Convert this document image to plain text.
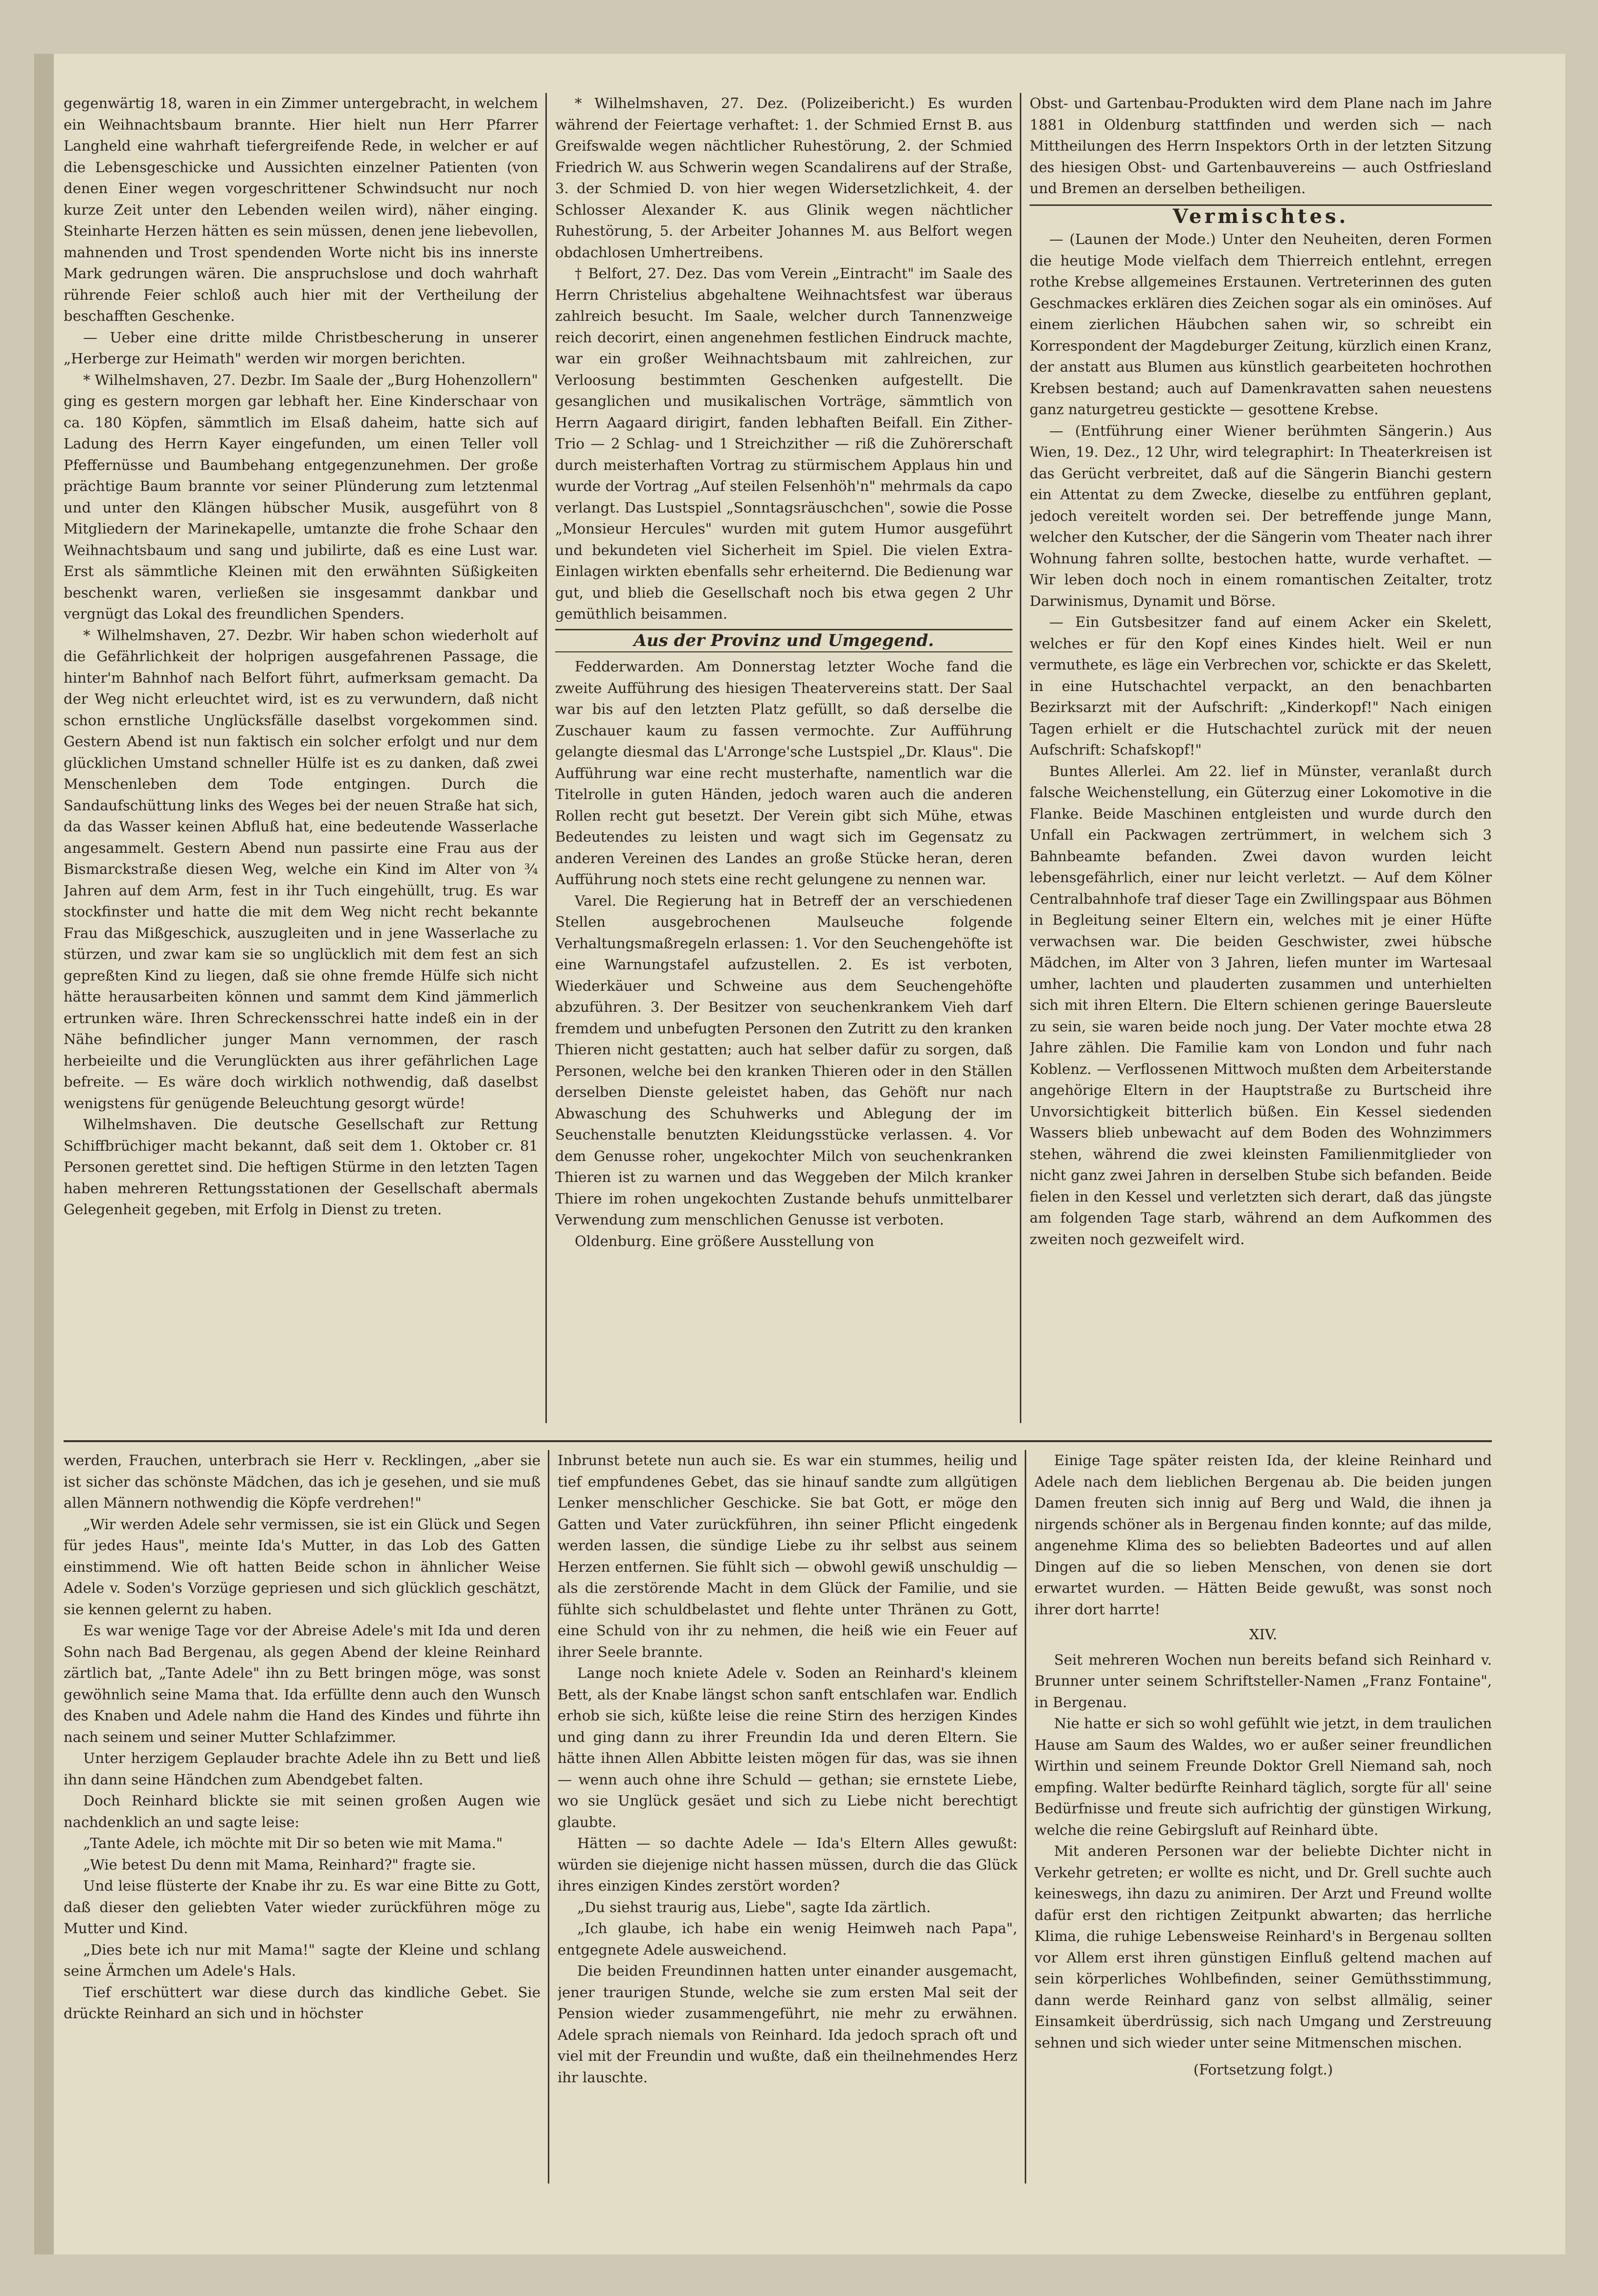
gegenwärtig 18, waren in ein Zimmer untergebracht, in welchem ein Weihnachtsbaum brannte. Hier hielt nun Herr Pfarrer Langheld eine wahrhaft tiefergreifende Rede, in welcher er auf die Lebensgeschicke und Aussichten einzelner Patienten (von denen Einer wegen vorgeschrittener Schwindsucht nur noch kurze Zeit unter den Lebenden weilen wird), näher einging. Steinharte Herzen hätten es sein müssen, denen jene liebevollen, mahnenden und Trost spendenden Worte nicht bis ins innerste Mark gedrungen wären. Die anspruchslose und doch wahrhaft rührende Feier schloß auch hier mit der Vertheilung der beschafften Geschenke.

— Ueber eine dritte milde Christbescherung in unserer „Herberge zur Heimath" werden wir morgen berichten.

* Wilhelmshaven, 27. Dezbr. Im Saale der „Burg Hohenzollern" ging es gestern morgen gar lebhaft her. Eine Kinderschaar von ca. 180 Köpfen, sämmtlich im Elsaß daheim, hatte sich auf Ladung des Herrn Kayer eingefunden, um einen Teller voll Pfeffernüsse und Baumbehang entgegenzunehmen. Der große prächtige Baum brannte vor seiner Plünderung zum letztenmal und unter den Klängen hübscher Musik, ausgeführt von 8 Mitgliedern der Marinekapelle, umtanzte die frohe Schaar den Weihnachtsbaum und sang und jubilirte, daß es eine Lust war. Erst als sämmtliche Kleinen mit den erwähnten Süßigkeiten beschenkt waren, verließen sie insgesammt dankbar und vergnügt das Lokal des freundlichen Spenders.

* Wilhelmshaven, 27. Dezbr. Wir haben schon wiederholt auf die Gefährlichkeit der holprigen ausgefahrenen Passage, die hinter'm Bahnhof nach Belfort führt, aufmerksam gemacht. Da der Weg nicht erleuchtet wird, ist es zu verwundern, daß nicht schon ernstliche Unglücksfälle daselbst vorgekommen sind. Gestern Abend ist nun faktisch ein solcher erfolgt und nur dem glücklichen Umstand schneller Hülfe ist es zu danken, daß zwei Menschenleben dem Tode entgingen. Durch die Sandaufschüttung links des Weges bei der neuen Straße hat sich, da das Wasser keinen Abfluß hat, eine bedeutende Wasserlache angesammelt. Gestern Abend nun passirte eine Frau aus der Bismarckstraße diesen Weg, welche ein Kind im Alter von ¾ Jahren auf dem Arm, fest in ihr Tuch eingehüllt, trug. Es war stockfinster und hatte die mit dem Weg nicht recht bekannte Frau das Mißgeschick, auszugleiten und in jene Wasserlache zu stürzen, und zwar kam sie so unglücklich mit dem fest an sich gepreßten Kind zu liegen, daß sie ohne fremde Hülfe sich nicht hätte herausarbeiten können und sammt dem Kind jämmerlich ertrunken wäre. Ihren Schreckensschrei hatte indeß ein in der Nähe befindlicher junger Mann vernommen, der rasch herbeieilte und die Verunglückten aus ihrer gefährlichen Lage befreite. — Es wäre doch wirklich nothwendig, daß daselbst wenigstens für genügende Beleuchtung gesorgt würde!

Wilhelmshaven. Die deutsche Gesellschaft zur Rettung Schiffbrüchiger macht bekannt, daß seit dem 1. Oktober cr. 81 Personen gerettet sind. Die heftigen Stürme in den letzten Tagen haben mehreren Rettungsstationen der Gesellschaft abermals Gelegenheit gegeben, mit Erfolg in Dienst zu treten.

* Wilhelmshaven, 27. Dez. (Polizeibericht.) Es wurden während der Feiertage verhaftet: 1. der Schmied Ernst B. aus Greifswalde wegen nächtlicher Ruhestörung, 2. der Schmied Friedrich W. aus Schwerin wegen Scandalirens auf der Straße, 3. der Schmied D. von hier wegen Widersetzlichkeit, 4. der Schlosser Alexander K. aus Glinik wegen nächtlicher Ruhestörung, 5. der Arbeiter Johannes M. aus Belfort wegen obdachlosen Umhertreibens.

† Belfort, 27. Dez. Das vom Verein „Eintracht" im Saale des Herrn Christelius abgehaltene Weihnachtsfest war überaus zahlreich besucht. Im Saale, welcher durch Tannenzweige reich decorirt, einen angenehmen festlichen Eindruck machte, war ein großer Weihnachtsbaum mit zahlreichen, zur Verloosung bestimmten Geschenken aufgestellt. Die gesanglichen und musikalischen Vorträge, sämmtlich von Herrn Aagaard dirigirt, fanden lebhaften Beifall. Ein Zither-Trio — 2 Schlag- und 1 Streichzither — riß die Zuhörerschaft durch meisterhaften Vortrag zu stürmischem Applaus hin und wurde der Vortrag „Auf steilen Felsenhöh'n" mehrmals da capo verlangt. Das Lustspiel „Sonntagsräuschchen", sowie die Posse „Monsieur Hercules" wurden mit gutem Humor ausgeführt und bekundeten viel Sicherheit im Spiel. Die vielen Extra-Einlagen wirkten ebenfalls sehr erheiternd. Die Bedienung war gut, und blieb die Gesellschaft noch bis etwa gegen 2 Uhr gemüthlich beisammen.

Aus der Provinz und Umgegend.

Fedderwarden. Am Donnerstag letzter Woche fand die zweite Aufführung des hiesigen Theatervereins statt. Der Saal war bis auf den letzten Platz gefüllt, so daß derselbe die Zuschauer kaum zu fassen vermochte. Zur Aufführung gelangte diesmal das L'Arronge'sche Lustspiel „Dr. Klaus". Die Aufführung war eine recht musterhafte, namentlich war die Titelrolle in guten Händen, jedoch waren auch die anderen Rollen recht gut besetzt. Der Verein gibt sich Mühe, etwas Bedeutendes zu leisten und wagt sich im Gegensatz zu anderen Vereinen des Landes an große Stücke heran, deren Aufführung noch stets eine recht gelungene zu nennen war.

Varel. Die Regierung hat in Betreff der an verschiedenen Stellen ausgebrochenen Maulseuche folgende Verhaltungsmaßregeln erlassen: 1. Vor den Seuchengehöfte ist eine Warnungstafel aufzustellen. 2. Es ist verboten, Wiederkäuer und Schweine aus dem Seuchengehöfte abzuführen. 3. Der Besitzer von seuchenkrankem Vieh darf fremdem und unbefugten Personen den Zutritt zu den kranken Thieren nicht gestatten; auch hat selber dafür zu sorgen, daß Personen, welche bei den kranken Thieren oder in den Ställen derselben Dienste geleistet haben, das Gehöft nur nach Abwaschung des Schuhwerks und Ablegung der im Seuchenstalle benutzten Kleidungsstücke verlassen. 4. Vor dem Genusse roher, ungekochter Milch von seuchenkranken Thieren ist zu warnen und das Weggeben der Milch kranker Thiere im rohen ungekochten Zustande behufs unmittelbarer Verwendung zum menschlichen Genusse ist verboten.

Oldenburg. Eine größere Ausstellung von

Obst- und Gartenbau-Produkten wird dem Plane nach im Jahre 1881 in Oldenburg stattfinden und werden sich — nach Mittheilungen des Herrn Inspektors Orth in der letzten Sitzung des hiesigen Obst- und Gartenbauvereins — auch Ostfriesland und Bremen an derselben betheiligen.

Vermischtes.

— (Launen der Mode.) Unter den Neuheiten, deren Formen die heutige Mode vielfach dem Thierreich entlehnt, erregen rothe Krebse allgemeines Erstaunen. Vertreterinnen des guten Geschmackes erklären dies Zeichen sogar als ein ominöses. Auf einem zierlichen Häubchen sahen wir, so schreibt ein Korrespondent der Magdeburger Zeitung, kürzlich einen Kranz, der anstatt aus Blumen aus künstlich gearbeiteten hochrothen Krebsen bestand; auch auf Damenkravatten sahen neuestens ganz naturgetreu gestickte — gesottene Krebse.

— (Entführung einer Wiener berühmten Sängerin.) Aus Wien, 19. Dez., 12 Uhr, wird telegraphirt: In Theaterkreisen ist das Gerücht verbreitet, daß auf die Sängerin Bianchi gestern ein Attentat zu dem Zwecke, dieselbe zu entführen geplant, jedoch vereitelt worden sei. Der betreffende junge Mann, welcher den Kutscher, der die Sängerin vom Theater nach ihrer Wohnung fahren sollte, bestochen hatte, wurde verhaftet. — Wir leben doch noch in einem romantischen Zeitalter, trotz Darwinismus, Dynamit und Börse.

— Ein Gutsbesitzer fand auf einem Acker ein Skelett, welches er für den Kopf eines Kindes hielt. Weil er nun vermuthete, es läge ein Verbrechen vor, schickte er das Skelett, in eine Hutschachtel verpackt, an den benachbarten Bezirksarzt mit der Aufschrift: „Kinderkopf!" Nach einigen Tagen erhielt er die Hutschachtel zurück mit der neuen Aufschrift: Schafskopf!"

Buntes Allerlei. Am 22. lief in Münster, veranlaßt durch falsche Weichenstellung, ein Güterzug einer Lokomotive in die Flanke. Beide Maschinen entgleisten und wurde durch den Unfall ein Packwagen zertrümmert, in welchem sich 3 Bahnbeamte befanden. Zwei davon wurden leicht lebensgefährlich, einer nur leicht verletzt. — Auf dem Kölner Centralbahnhofe traf dieser Tage ein Zwillingspaar aus Böhmen in Begleitung seiner Eltern ein, welches mit je einer Hüfte verwachsen war. Die beiden Geschwister, zwei hübsche Mädchen, im Alter von 3 Jahren, liefen munter im Wartesaal umher, lachten und plauderten zusammen und unterhielten sich mit ihren Eltern. Die Eltern schienen geringe Bauersleute zu sein, sie waren beide noch jung. Der Vater mochte etwa 28 Jahre zählen. Die Familie kam von London und fuhr nach Koblenz. — Verflossenen Mittwoch mußten dem Arbeiterstande angehörige Eltern in der Hauptstraße zu Burtscheid ihre Unvorsichtigkeit bitterlich büßen. Ein Kessel siedenden Wassers blieb unbewacht auf dem Boden des Wohnzimmers stehen, während die zwei kleinsten Familienmitglieder von nicht ganz zwei Jahren in derselben Stube sich befanden. Beide fielen in den Kessel und verletzten sich derart, daß das jüngste am folgenden Tage starb, während an dem Aufkommen des zweiten noch gezweifelt wird.

werden, Frauchen, unterbrach sie Herr v. Recklingen, „aber sie ist sicher das schönste Mädchen, das ich je gesehen, und sie muß allen Männern nothwendig die Köpfe verdrehen!"

„Wir werden Adele sehr vermissen, sie ist ein Glück und Segen für jedes Haus", meinte Ida's Mutter, in das Lob des Gatten einstimmend. Wie oft hatten Beide schon in ähnlicher Weise Adele v. Soden's Vorzüge gepriesen und sich glücklich geschätzt, sie kennen gelernt zu haben.

Es war wenige Tage vor der Abreise Adele's mit Ida und deren Sohn nach Bad Bergenau, als gegen Abend der kleine Reinhard zärtlich bat, „Tante Adele" ihn zu Bett bringen möge, was sonst gewöhnlich seine Mama that. Ida erfüllte denn auch den Wunsch des Knaben und Adele nahm die Hand des Kindes und führte ihn nach seinem und seiner Mutter Schlafzimmer.

Unter herzigem Geplauder brachte Adele ihn zu Bett und ließ ihn dann seine Händchen zum Abendgebet falten.

Doch Reinhard blickte sie mit seinen großen Augen wie nachdenklich an und sagte leise:

„Tante Adele, ich möchte mit Dir so beten wie mit Mama."

„Wie betest Du denn mit Mama, Reinhard?" fragte sie.

Und leise flüsterte der Knabe ihr zu. Es war eine Bitte zu Gott, daß dieser den geliebten Vater wieder zurückführen möge zu Mutter und Kind.

„Dies bete ich nur mit Mama!" sagte der Kleine und schlang seine Ärmchen um Adele's Hals.

Tief erschüttert war diese durch das kindliche Gebet. Sie drückte Reinhard an sich und in höchster

Inbrunst betete nun auch sie. Es war ein stummes, heilig und tief empfundenes Gebet, das sie hinauf sandte zum allgütigen Lenker menschlicher Geschicke. Sie bat Gott, er möge den Gatten und Vater zurückführen, ihn seiner Pflicht eingedenk werden lassen, die sündige Liebe zu ihr selbst aus seinem Herzen entfernen. Sie fühlt sich — obwohl gewiß unschuldig — als die zerstörende Macht in dem Glück der Familie, und sie fühlte sich schuldbelastet und flehte unter Thränen zu Gott, eine Schuld von ihr zu nehmen, die heiß wie ein Feuer auf ihrer Seele brannte.

Lange noch kniete Adele v. Soden an Reinhard's kleinem Bett, als der Knabe längst schon sanft entschlafen war. Endlich erhob sie sich, küßte leise die reine Stirn des herzigen Kindes und ging dann zu ihrer Freundin Ida und deren Eltern. Sie hätte ihnen Allen Abbitte leisten mögen für das, was sie ihnen — wenn auch ohne ihre Schuld — gethan; sie ernstete Liebe, wo sie Unglück gesäet und sich zu Liebe nicht berechtigt glaubte.

Hätten — so dachte Adele — Ida's Eltern Alles gewußt: würden sie diejenige nicht hassen müssen, durch die das Glück ihres einzigen Kindes zerstört worden?

„Du siehst traurig aus, Liebe", sagte Ida zärtlich.

„Ich glaube, ich habe ein wenig Heimweh nach Papa", entgegnete Adele ausweichend.

Die beiden Freundinnen hatten unter einander ausgemacht, jener traurigen Stunde, welche sie zum ersten Mal seit der Pension wieder zusammengeführt, nie mehr zu erwähnen. Adele sprach niemals von Reinhard. Ida jedoch sprach oft und viel mit der Freundin und wußte, daß ein theilnehmendes Herz ihr lauschte.

Einige Tage später reisten Ida, der kleine Reinhard und Adele nach dem lieblichen Bergenau ab. Die beiden jungen Damen freuten sich innig auf Berg und Wald, die ihnen ja nirgends schöner als in Bergenau finden konnte; auf das milde, angenehme Klima des so beliebten Badeortes und auf allen Dingen auf die so lieben Menschen, von denen sie dort erwartet wurden. — Hätten Beide gewußt, was sonst noch ihrer dort harrte!

XIV.

Seit mehreren Wochen nun bereits befand sich Reinhard v. Brunner unter seinem Schriftsteller-Namen „Franz Fontaine", in Bergenau.

Nie hatte er sich so wohl gefühlt wie jetzt, in dem traulichen Hause am Saum des Waldes, wo er außer seiner freundlichen Wirthin und seinem Freunde Doktor Grell Niemand sah, noch empfing. Walter bedürfte Reinhard täglich, sorgte für all' seine Bedürfnisse und freute sich aufrichtig der günstigen Wirkung, welche die reine Gebirgsluft auf Reinhard übte.

Mit anderen Personen war der beliebte Dichter nicht in Verkehr getreten; er wollte es nicht, und Dr. Grell suchte auch keineswegs, ihn dazu zu animiren. Der Arzt und Freund wollte dafür erst den richtigen Zeitpunkt abwarten; das herrliche Klima, die ruhige Lebensweise Reinhard's in Bergenau sollten vor Allem erst ihren günstigen Einfluß geltend machen auf sein körperliches Wohlbefinden, seiner Gemüthsstimmung, dann werde Reinhard ganz von selbst allmälig, seiner Einsamkeit überdrüssig, sich nach Umgang und Zerstreuung sehnen und sich wieder unter seine Mitmenschen mischen.

(Fortsetzung folgt.)
